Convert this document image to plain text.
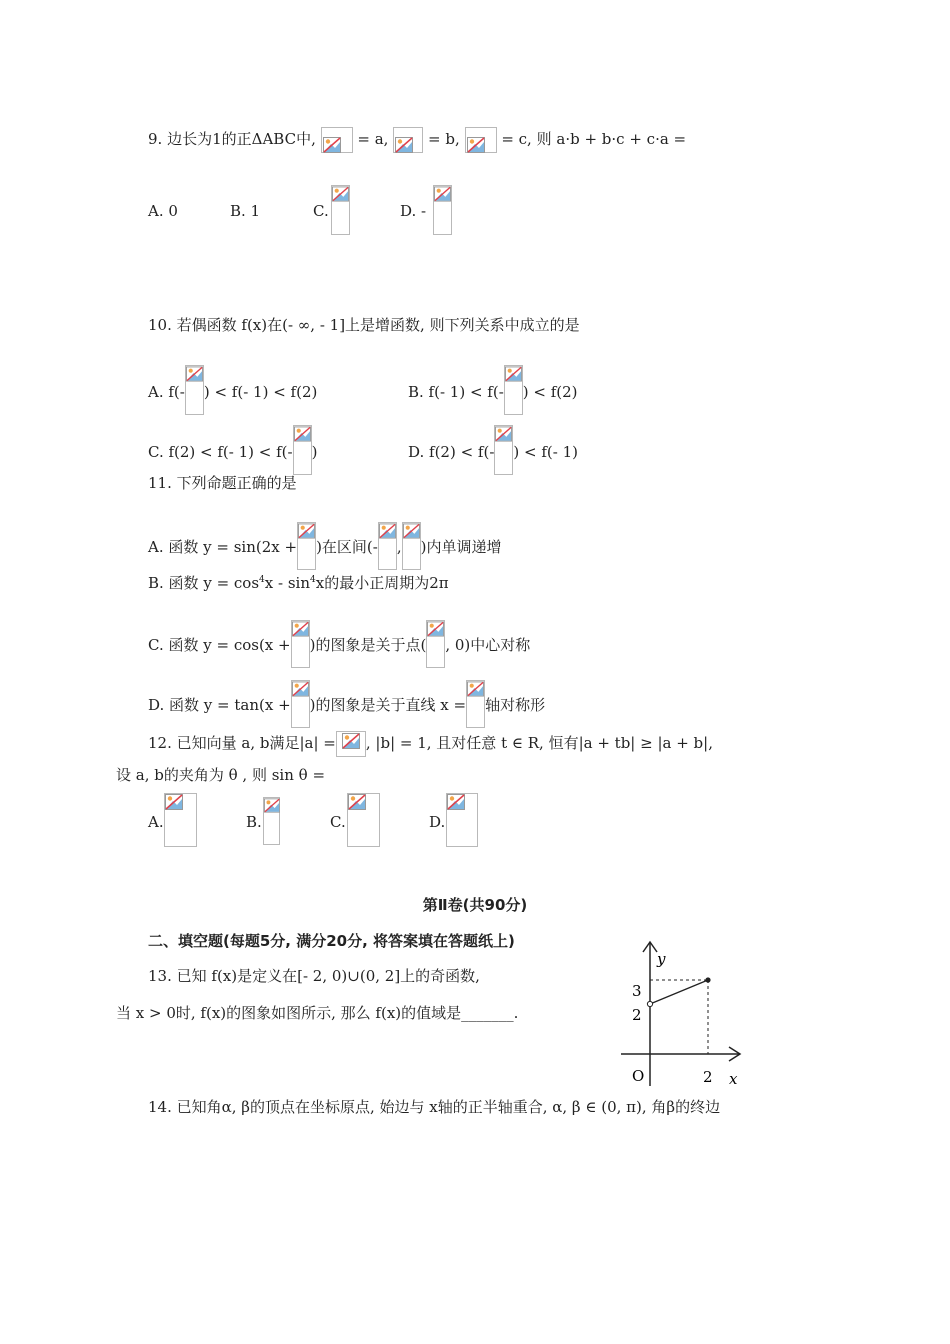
9. 边长为1的正ΔABC中,	= a,	= b,	= c, 则 a·b + b·c + c·a =
A. 0	B. 1	C.	D. -
10. 若偶函数 f(x)在(- ∞, - 1]上是增函数, 则下列关系中成立的是
A. f(- ) < f(- 1) < f(2)	B. f(- 1) < f(- ) < f(2)
C. f(2) < f(- 1) < f(- )	D. f(2) < f(- ) < f(- 1)
11. 下列命题正确的是
A. 函数 y = sin(2x + )在区间(- , )内单调递增
B. 函数 $y = \cos^4x - \sin^4x$的最小正周期为2π
C. 函数 y = cos(x + )的图象是关于点( , 0)中心对称
D. 函数 y = tan(x + )的图象是关于直线 x = 轴对称形
12. 已知向量 a, b满足|a| = , |b| = 1, 且对任意 t ∈ R, 恒有|a + tb| ≥ |a + b|,
设 a, b的夹角为 θ , 则 sin θ =
A.	B.	C.	D.
第Ⅱ卷(共90分)
二、填空题(每题5分, 满分20分, 将答案填在答题纸上)
13. 已知 f(x)是定义在[- 2, 0)∪(0, 2]上的奇函数,
当 x > 0时, f(x)的图象如图所示, 那么 f(x)的值域是_______.
y
x
O
3
2
2
14. 已知角α, β的顶点在坐标原点, 始边与 x轴的正半轴重合, α, β ∈ (0, π), 角β的终边
